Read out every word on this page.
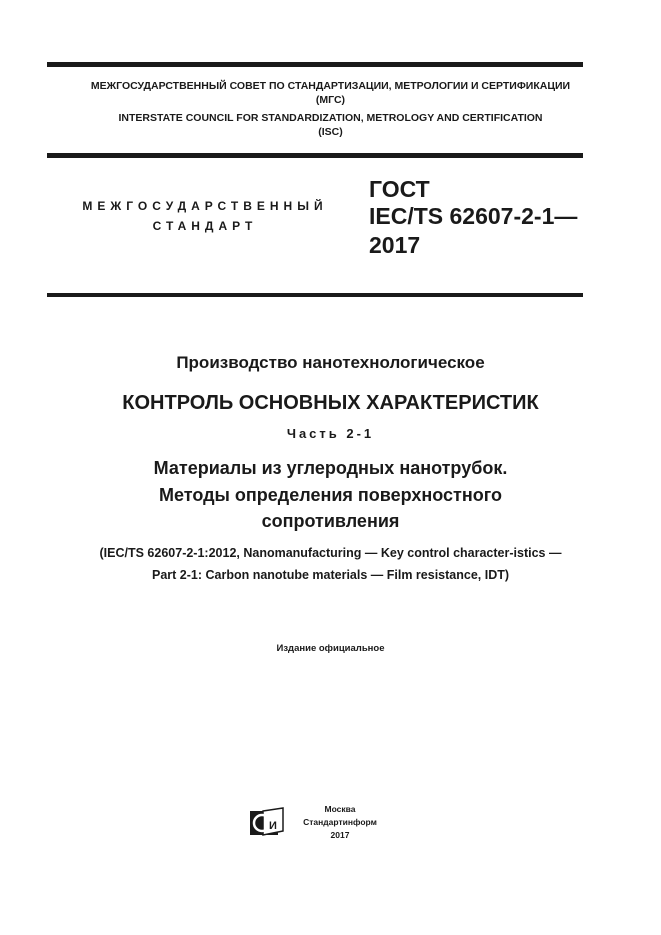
МЕЖГОСУДАРСТВЕННЫЙ СОВЕТ ПО СТАНДАРТИЗАЦИИ, МЕТРОЛОГИИ И СЕРТИФИКАЦИИ
(МГС)
INTERSTATE COUNCIL FOR STANDARDIZATION, METROLOGY AND CERTIFICATION
(ISC)
МЕЖГОСУДАРСТВЕННЫЙ
СТАНДАРТ
ГОСТ
IEC/TS 62607-2-1—
2017
Производство нанотехнологическое
КОНТРОЛЬ ОСНОВНЫХ ХАРАКТЕРИСТИК
Часть 2-1
Материалы из углеродных нанотрубок.
Методы определения поверхностного
сопротивления
(IEC/TS 62607-2-1:2012, Nanomanufacturing — Key control character-istics —
Part 2-1: Carbon nanotube materials — Film resistance, IDT)
Издание официальное
И
Москва
Стандартинформ
2017
